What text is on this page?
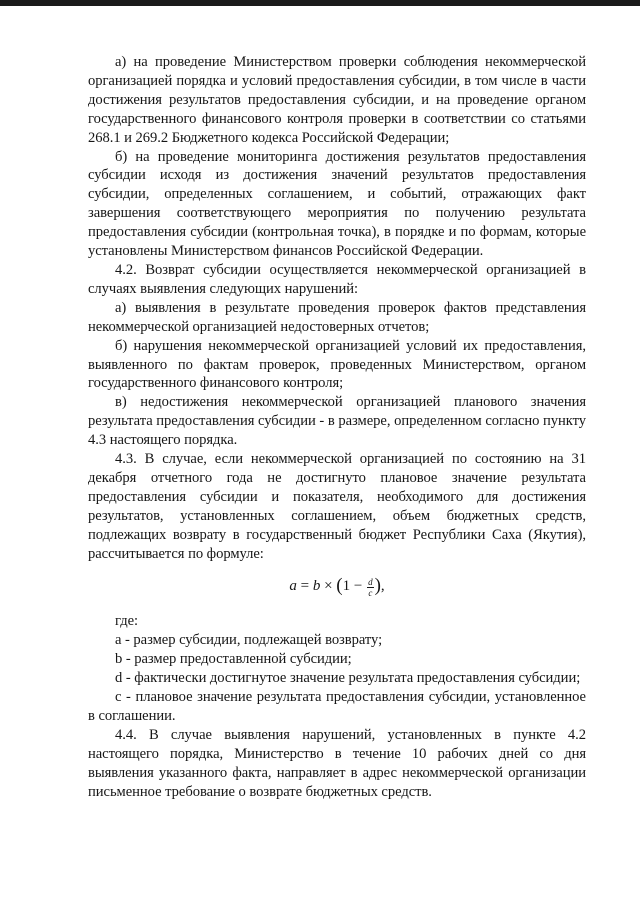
а) на проведение Министерством проверки соблюдения некоммерческой организацией порядка и условий предоставления субсидии, в том числе в части достижения результатов предоставления субсидии, и на проведение органом государственного финансового контроля проверки в соответствии со статьями 268.1 и 269.2 Бюджетного кодекса Российской Федерации;

б) на проведение мониторинга достижения результатов предоставления субсидии исходя из достижения значений результатов предоставления субсидии, определенных соглашением, и событий, отражающих факт завершения соответствующего мероприятия по получению результата предоставления субсидии (контрольная точка), в порядке и по формам, которые установлены Министерством финансов Российской Федерации.

4.2. Возврат субсидии осуществляется некоммерческой организацией в случаях выявления следующих нарушений:

а) выявления в результате проведения проверок фактов представления некоммерческой организацией недостоверных отчетов;

б) нарушения некоммерческой организацией условий их предоставления, выявленного по фактам проверок, проведенных Министерством, органом государственного финансового контроля;

в) недостижения некоммерческой организацией планового значения результата предоставления субсидии - в размере, определенном согласно пункту 4.3 настоящего порядка.

4.3. В случае, если некоммерческой организацией по состоянию на 31 декабря отчетного года не достигнуто плановое значение результата предоставления субсидии и показателя, необходимого для достижения результатов, установленных соглашением, объем бюджетных средств, подлежащих возврату в государственный бюджет Республики Саха (Якутия), рассчитывается по формуле:

$a = b \times (1 - \frac{d}{c}$ ),

где:

a - размер субсидии, подлежащей возврату;

b - размер предоставленной субсидии;

d - фактически достигнутое значение результата предоставления субсидии;

c - плановое значение результата предоставления субсидии, установленное в соглашении.

4.4. В случае выявления нарушений, установленных в пункте 4.2 настоящего порядка, Министерство в течение 10 рабочих дней со дня выявления указанного факта, направляет в адрес некоммерческой организации письменное требование о возврате бюджетных средств.
